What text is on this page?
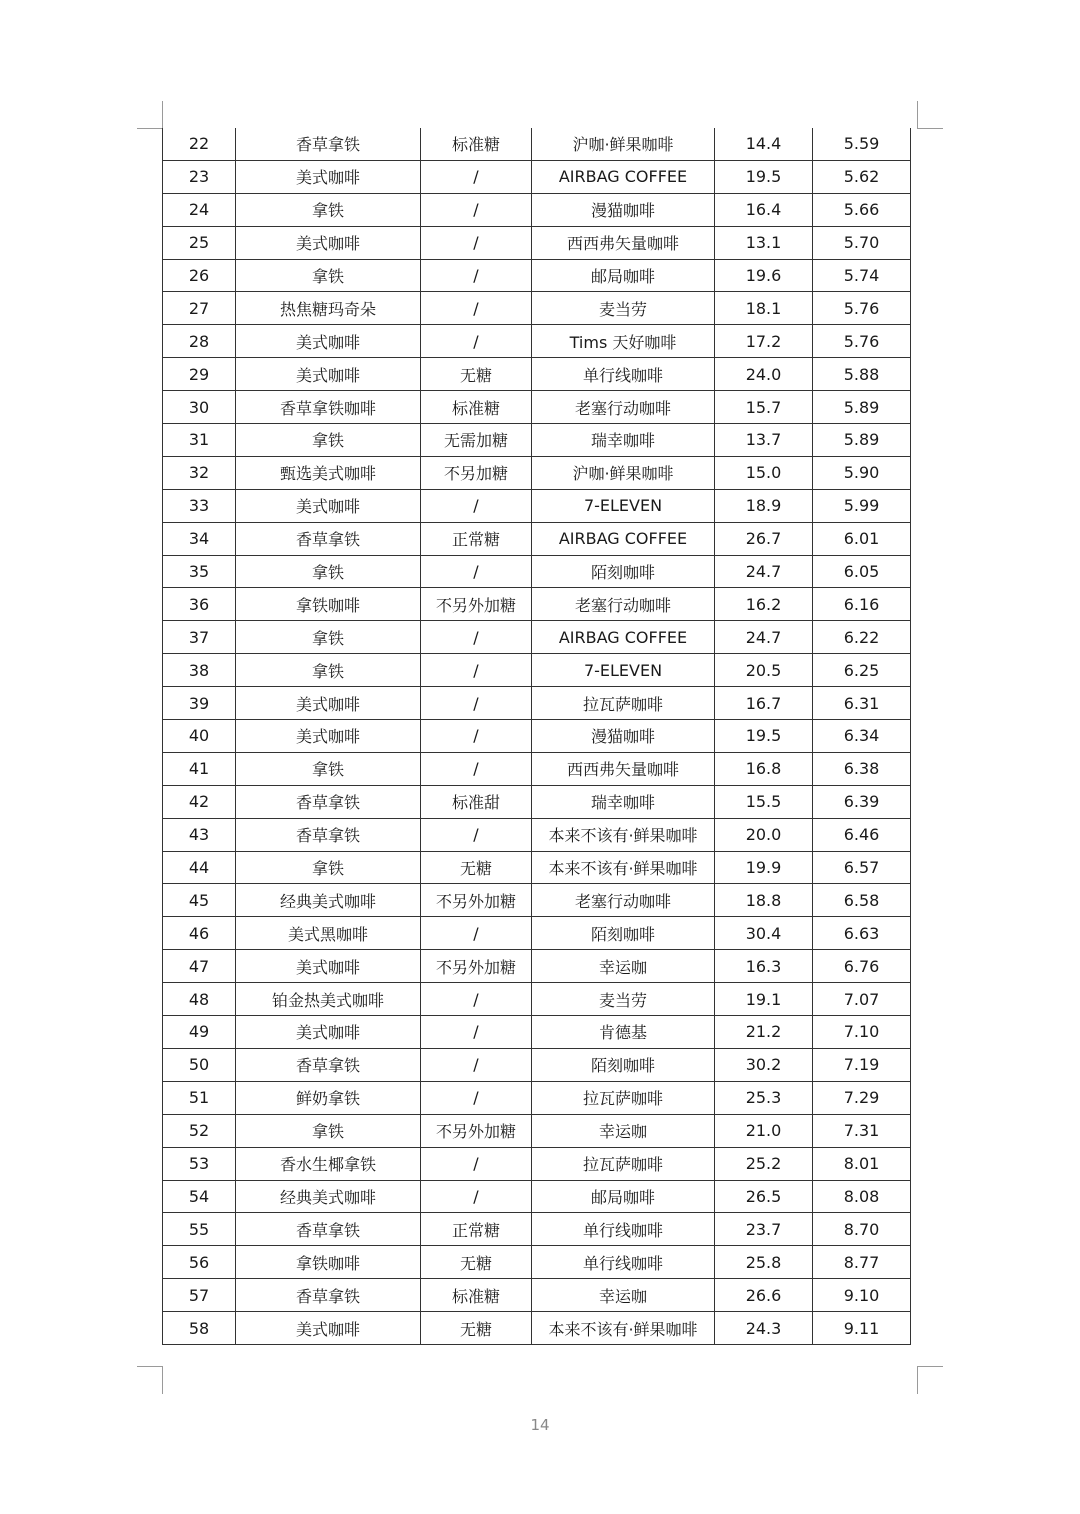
22	香草拿铁	标准糖	沪咖·鲜果咖啡	14.4	5.59
23	美式咖啡	/	AIRBAG COFFEE	19.5	5.62
24	拿铁	/	漫猫咖啡	16.4	5.66
25	美式咖啡	/	西西弗矢量咖啡	13.1	5.70
26	拿铁	/	邮局咖啡	19.6	5.74
27	热焦糖玛奇朵	/	麦当劳	18.1	5.76
28	美式咖啡	/	Tims 天好咖啡	17.2	5.76
29	美式咖啡	无糖	单行线咖啡	24.0	5.88
30	香草拿铁咖啡	标准糖	老塞行动咖啡	15.7	5.89
31	拿铁	无需加糖	瑞幸咖啡	13.7	5.89
32	甄选美式咖啡	不另加糖	沪咖·鲜果咖啡	15.0	5.90
33	美式咖啡	/	7-ELEVEN	18.9	5.99
34	香草拿铁	正常糖	AIRBAG COFFEE	26.7	6.01
35	拿铁	/	陌刻咖啡	24.7	6.05
36	拿铁咖啡	不另外加糖	老塞行动咖啡	16.2	6.16
37	拿铁	/	AIRBAG COFFEE	24.7	6.22
38	拿铁	/	7-ELEVEN	20.5	6.25
39	美式咖啡	/	拉瓦萨咖啡	16.7	6.31
40	美式咖啡	/	漫猫咖啡	19.5	6.34
41	拿铁	/	西西弗矢量咖啡	16.8	6.38
42	香草拿铁	标准甜	瑞幸咖啡	15.5	6.39
43	香草拿铁	/	本来不该有·鲜果咖啡	20.0	6.46
44	拿铁	无糖	本来不该有·鲜果咖啡	19.9	6.57
45	经典美式咖啡	不另外加糖	老塞行动咖啡	18.8	6.58
46	美式黑咖啡	/	陌刻咖啡	30.4	6.63
47	美式咖啡	不另外加糖	幸运咖	16.3	6.76
48	铂金热美式咖啡	/	麦当劳	19.1	7.07
49	美式咖啡	/	肯德基	21.2	7.10
50	香草拿铁	/	陌刻咖啡	30.2	7.19
51	鲜奶拿铁	/	拉瓦萨咖啡	25.3	7.29
52	拿铁	不另外加糖	幸运咖	21.0	7.31
53	香水生椰拿铁	/	拉瓦萨咖啡	25.2	8.01
54	经典美式咖啡	/	邮局咖啡	26.5	8.08
55	香草拿铁	正常糖	单行线咖啡	23.7	8.70
56	拿铁咖啡	无糖	单行线咖啡	25.8	8.77
57	香草拿铁	标准糖	幸运咖	26.6	9.10
58	美式咖啡	无糖	本来不该有·鲜果咖啡	24.3	9.11
14
